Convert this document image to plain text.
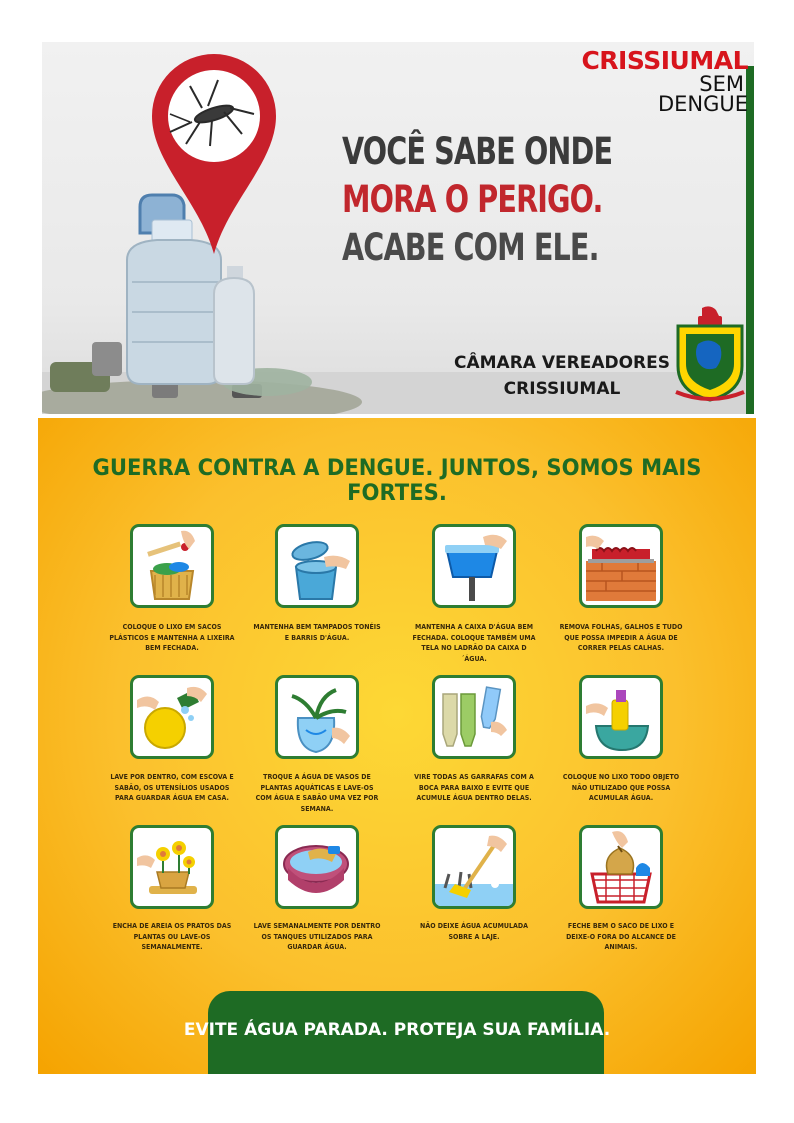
CRISSIUMAL
SEM
DENGUE
VOCÊ SABE ONDE
MORA O PERIGO.
ACABE COM ELE.
CÂMARA VEREADORES
CRISSIUMAL
GUERRA CONTRA A DENGUE. JUNTOS, SOMOS MAIS FORTES.
COLOQUE O LIXO EM SACOS PLÁSTICOS E MANTENHA A LIXEIRA BEM FECHADA.
MANTENHA BEM TAMPADOS TONÉIS E BARRIS D'ÁGUA.
MANTENHA A CAIXA D'ÁGUA BEM FECHADA. COLOQUE TAMBÉM UMA TELA NO LADRÃO DA CAIXA D´ÁGUA.
REMOVA FOLHAS, GALHOS E TUDO QUE POSSA IMPEDIR A ÁGUA DE CORRER PELAS CALHAS.
LAVE POR DENTRO, COM ESCOVA E SABÃO, OS UTENSÍLIOS USADOS PARA GUARDAR ÁGUA EM CASA.
TROQUE A ÁGUA DE VASOS DE PLANTAS AQUÁTICAS E LAVE-OS COM ÁGUA E SABÃO UMA VEZ POR SEMANA.
VIRE TODAS AS GARRAFAS COM A BOCA PARA BAIXO E EVITE QUE ACUMULE ÁGUA DENTRO DELAS.
COLOQUE NO LIXO TODO OBJETO NÃO UTILIZADO QUE POSSA ACUMULAR ÁGUA.
ENCHA DE AREIA OS PRATOS DAS PLANTAS OU LAVE-OS SEMANALMENTE.
LAVE SEMANALMENTE POR DENTRO OS TANQUES UTILIZADOS PARA GUARDAR ÁGUA.
NÃO DEIXE ÁGUA ACUMULADA SOBRE A LAJE.
FECHE BEM O SACO DE LIXO E DEIXE-O FORA DO ALCANCE DE ANIMAIS.
EVITE ÁGUA PARADA. PROTEJA SUA FAMÍLIA.
